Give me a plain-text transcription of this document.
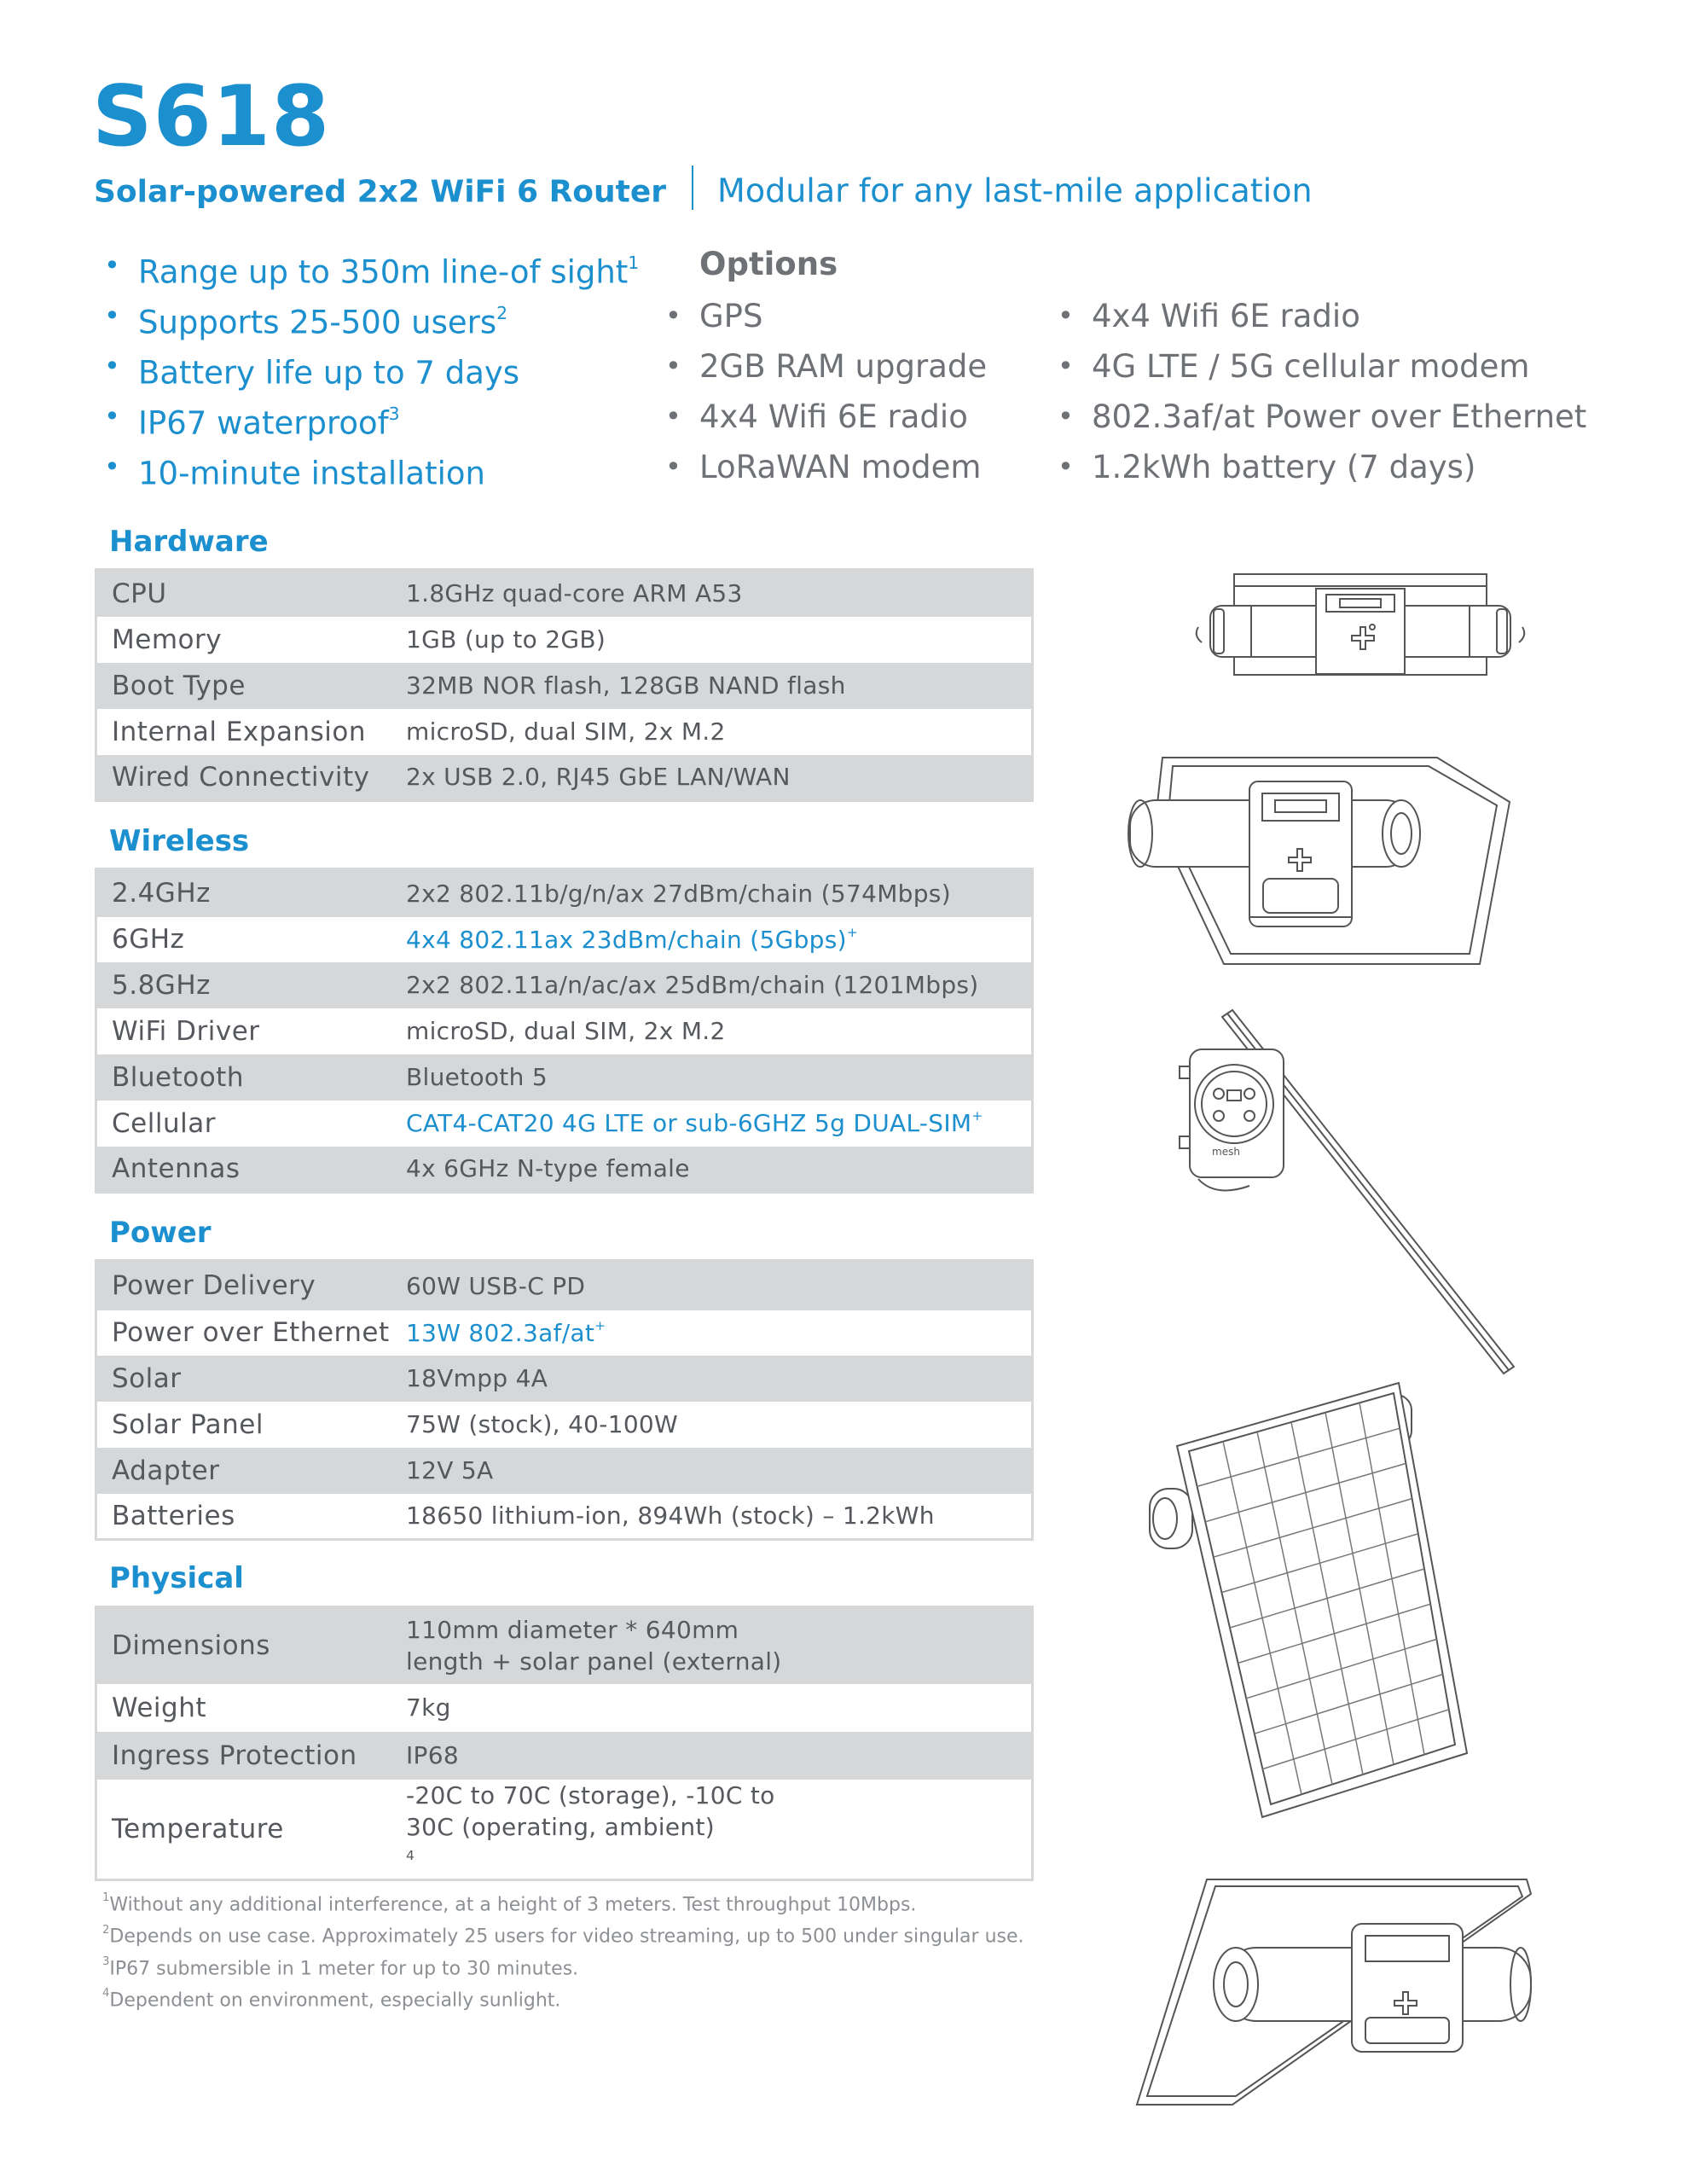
S618
Solar-powered 2x2 WiFi 6 Router Modular for any last-mile application
• Range up to 350m line-of sight$^1$
• Supports 25-500 users$^2$
• Battery life up to 7 days
• IP67 waterproof$^3$
• 10-minute installation
Options
• GPS
• 2GB RAM upgrade
• 4x4 Wifi 6E radio
• LoRaWAN modem
• 4x4 Wifi 6E radio
• 4G LTE / 5G cellular modem
• 802.3af/at Power over Ethernet
• 1.2kWh battery (7 days)
Hardware
CPU	1.8GHz quad-core ARM A53
Memory	1GB (up to 2GB)
Boot Type	32MB NOR flash, 128GB NAND flash
Internal Expansion	microSD, dual SIM, 2x M.2
Wired Connectivity	2x USB 2.0, RJ45 GbE LAN/WAN
Wireless
2.4GHz	2x2 802.11b/g/n/ax 27dBm/chain (574Mbps)
6GHz	4x4 802.11ax 23dBm/chain (5Gbps)+
5.8GHz	2x2 802.11a/n/ac/ax 25dBm/chain (1201Mbps)
WiFi Driver	microSD, dual SIM, 2x M.2
Bluetooth	Bluetooth 5
Cellular	CAT4-CAT20 4G LTE or sub-6GHZ 5g DUAL-SIM+
Antennas	4x 6GHz N-type female
Power
Power Delivery	60W USB-C PD
Power over Ethernet	13W 802.3af/at+
Solar	18Vmpp 4A
Solar Panel	75W (stock), 40-100W
Adapter	12V 5A
Batteries	18650 lithium-ion, 894Wh (stock) – 1.2kWh
Physical
Dimensions	110mm diameter * 640mm
length + solar panel (external)

Weight	7kg
Ingress Protection	IP68
Temperature	-20C to 70C (storage), -10C to
30C (operating, ambient)
$^4$
$^1$Without any additional interference, at a height of 3 meters. Test throughput 10Mbps.
$^2$Depends on use case. Approximately 25 users for video streaming, up to 500 under singular use.
$^3$IP67 submersible in 1 meter for up to 30 minutes.
$^4$Dependent on environment, especially sunlight.
mesh
